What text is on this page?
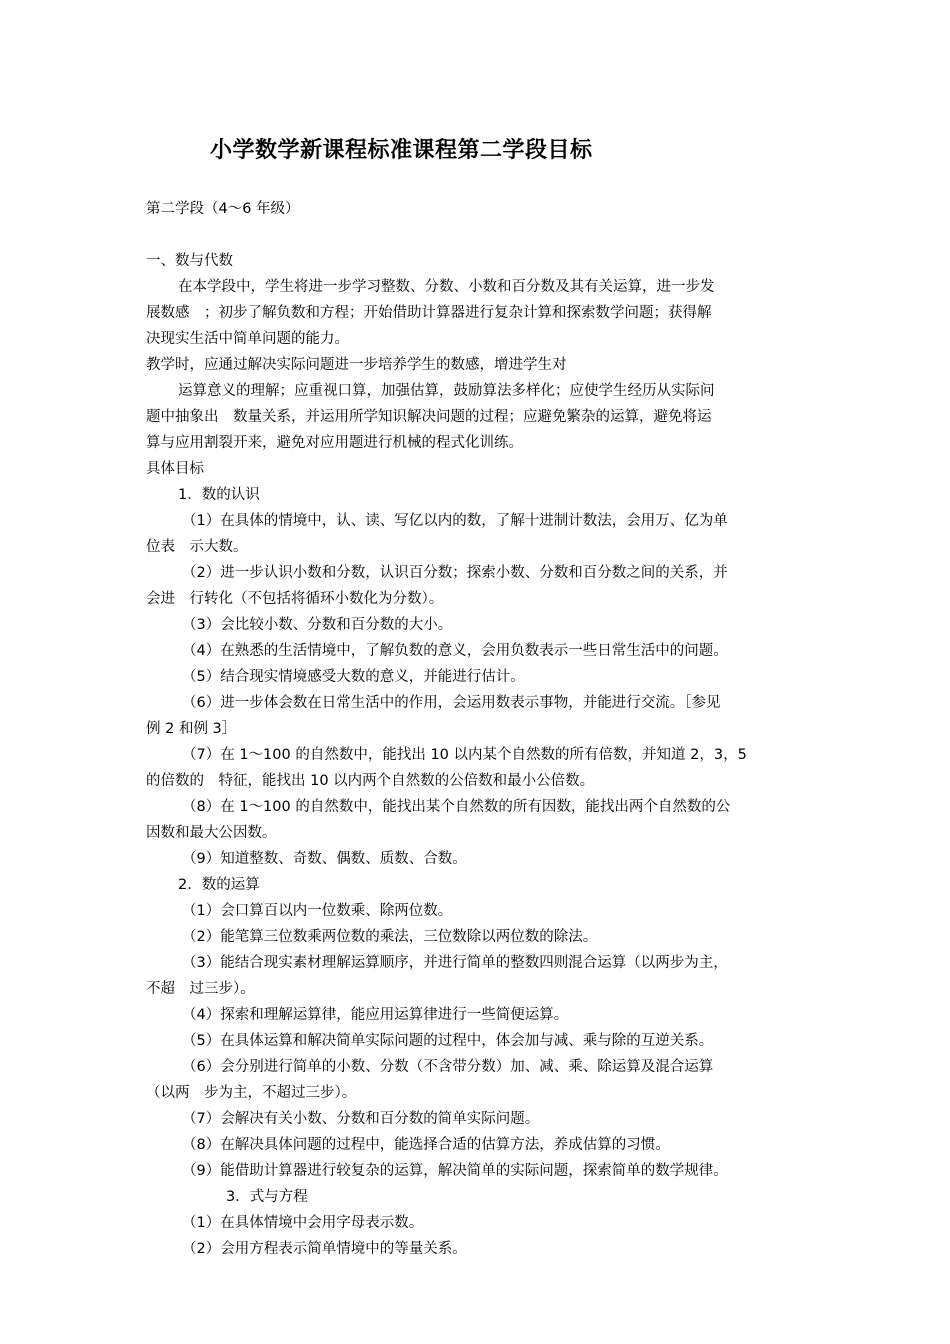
小学数学新课程标准课程第二学段目标
第二学段（4～6 年级）
一、数与代数
在本学段中，学生将进一步学习整数、分数、小数和百分数及其有关运算，进一步发
展数感　；初步了解负数和方程；开始借助计算器进行复杂计算和探索数学问题；获得解
决现实生活中简单问题的能力。
教学时，应通过解决实际问题进一步培养学生的数感，增进学生对
运算意义的理解；应重视口算，加强估算，鼓励算法多样化；应使学生经历从实际问
题中抽象出　数量关系，并运用所学知识解决问题的过程；应避免繁杂的运算，避免将运
算与应用割裂开来，避免对应用题进行机械的程式化训练。
具体目标
1．数的认识
（1）在具体的情境中，认、读、写亿以内的数，了解十进制计数法，会用万、亿为单
位表　示大数。
（2）进一步认识小数和分数，认识百分数；探索小数、分数和百分数之间的关系，并
会进　行转化（不包括将循环小数化为分数）。
（3）会比较小数、分数和百分数的大小。
（4）在熟悉的生活情境中，了解负数的意义，会用负数表示一些日常生活中的问题。
（5）结合现实情境感受大数的意义，并能进行估计。
（6）进一步体会数在日常生活中的作用，会运用数表示事物，并能进行交流。［参见
例 2 和例 3］
（7）在 1～100 的自然数中，能找出 10 以内某个自然数的所有倍数，并知道 2，3，5
的倍数的　特征，能找出 10 以内两个自然数的公倍数和最小公倍数。
（8）在 1～100 的自然数中，能找出某个自然数的所有因数，能找出两个自然数的公
因数和最大公因数。
（9）知道整数、奇数、偶数、质数、合数。
2．数的运算
（1）会口算百以内一位数乘、除两位数。
（2）能笔算三位数乘两位数的乘法，三位数除以两位数的除法。
（3）能结合现实素材理解运算顺序，并进行简单的整数四则混合运算（以两步为主，
不超　过三步）。
（4）探索和理解运算律，能应用运算律进行一些简便运算。
（5）在具体运算和解决简单实际问题的过程中，体会加与减、乘与除的互逆关系。
（6）会分别进行简单的小数、分数（不含带分数）加、减、乘、除运算及混合运算
（以两　步为主，不超过三步）。
（7）会解决有关小数、分数和百分数的简单实际问题。
（8）在解决具体问题的过程中，能选择合适的估算方法，养成估算的习惯。
（9）能借助计算器进行较复杂的运算，解决简单的实际问题，探索简单的数学规律。
3．式与方程
（1）在具体情境中会用字母表示数。
（2）会用方程表示简单情境中的等量关系。
